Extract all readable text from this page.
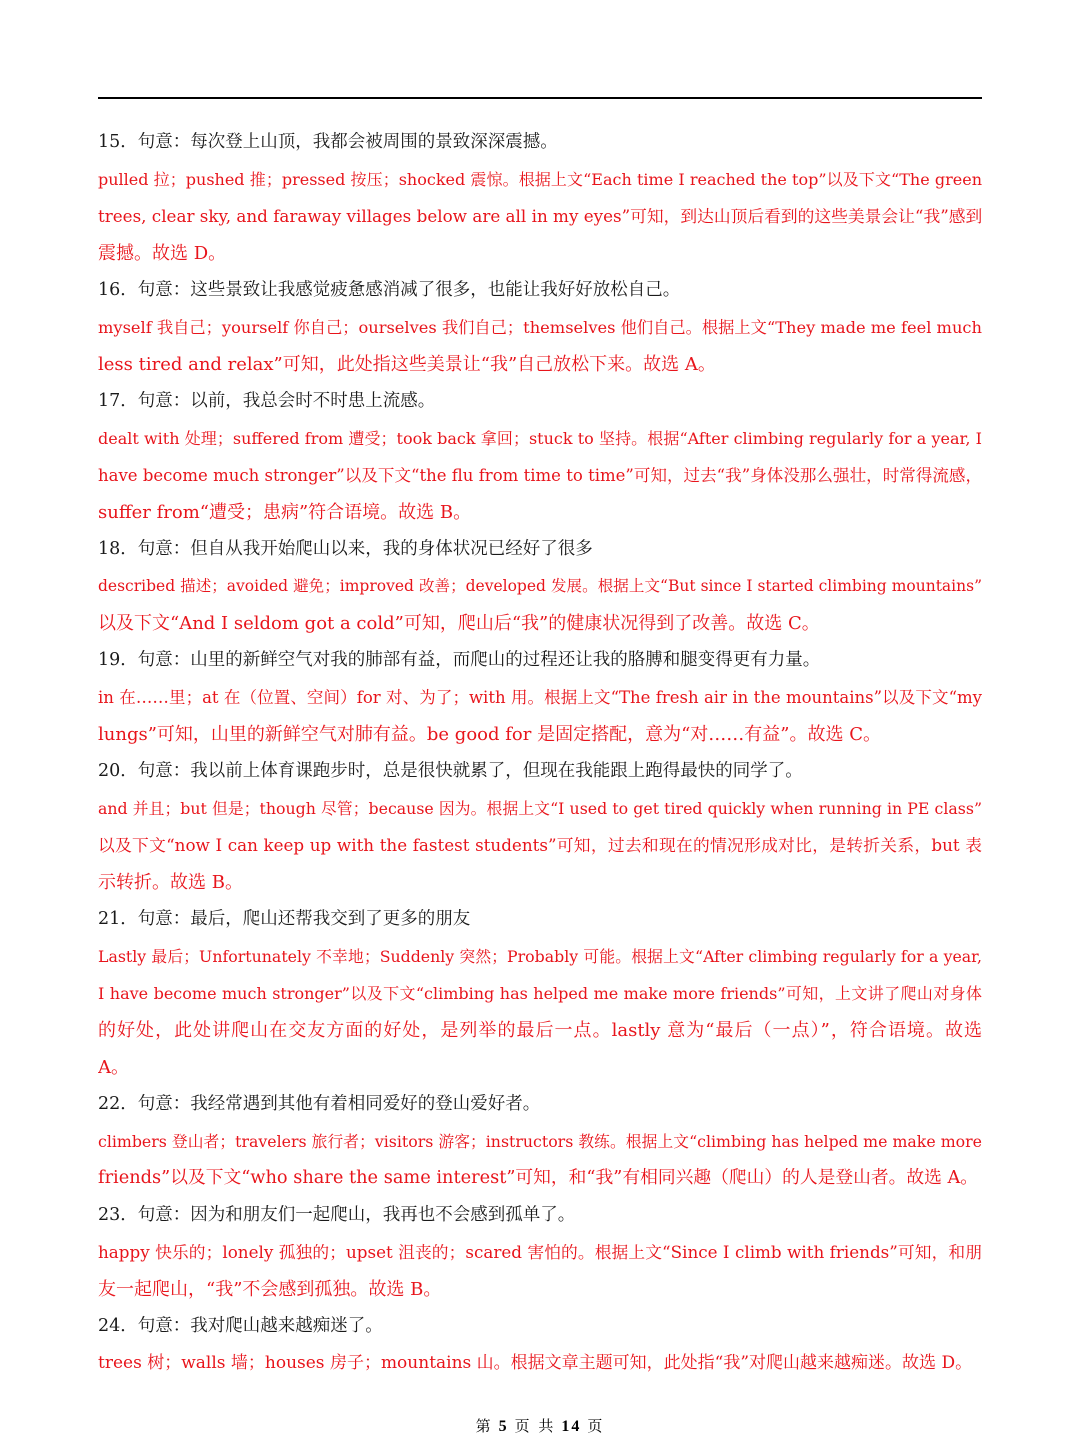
15．句意：每次登上山顶，我都会被周围的景致深深震撼。

pulled 拉；pushed 推；pressed 按压；shocked 震惊。根据上文“Each time I reached the top”以及下文“The green

trees, clear sky, and faraway villages below are all in my eyes”可知，到达山顶后看到的这些美景会让“我”感到

震撼。故选 D。

16．句意：这些景致让我感觉疲惫感消减了很多，也能让我好好放松自己。

myself 我自己；yourself 你自己；ourselves 我们自己；themselves 他们自己。根据上文“They made me feel much

less tired and relax”可知，此处指这些美景让“我”自己放松下来。故选 A。

17．句意：以前，我总会时不时患上流感。

dealt with 处理；suffered from 遭受；took back 拿回；stuck to 坚持。根据“After climbing regularly for a year, I

have become much stronger”以及下文“the flu from time to time”可知，过去“我”身体没那么强壮，时常得流感，

suffer from“遭受；患病”符合语境。故选 B。

18．句意：但自从我开始爬山以来，我的身体状况已经好了很多

described 描述；avoided 避免；improved 改善；developed 发展。根据上文“But since I started climbing mountains”

以及下文“And I seldom got a cold”可知，爬山后“我”的健康状况得到了改善。故选 C。

19．句意：山里的新鲜空气对我的肺部有益，而爬山的过程还让我的胳膊和腿变得更有力量。

in 在……里；at 在（位置、空间）for 对、为了；with 用。根据上文“The fresh air in the mountains”以及下文“my

lungs”可知，山里的新鲜空气对肺有益。be good for 是固定搭配，意为“对……有益”。故选 C。

20．句意：我以前上体育课跑步时，总是很快就累了，但现在我能跟上跑得最快的同学了。

and 并且；but 但是；though 尽管；because 因为。根据上文“I used to get tired quickly when running in PE class”

以及下文“now I can keep up with the fastest students”可知，过去和现在的情况形成对比，是转折关系，but 表

示转折。故选 B。

21．句意：最后，爬山还帮我交到了更多的朋友

Lastly 最后；Unfortunately 不幸地；Suddenly 突然；Probably 可能。根据上文“After climbing regularly for a year,

I have become much stronger”以及下文“climbing has helped me make more friends”可知，上文讲了爬山对身体

的好处，此处讲爬山在交友方面的好处，是列举的最后一点。lastly 意为“最后（一点）”，符合语境。故选

A。

22．句意：我经常遇到其他有着相同爱好的登山爱好者。

climbers 登山者；travelers 旅行者；visitors 游客；instructors 教练。根据上文“climbing has helped me make more

friends”以及下文“who share the same interest”可知，和“我”有相同兴趣（爬山）的人是登山者。故选 A。

23．句意：因为和朋友们一起爬山，我再也不会感到孤单了。

happy 快乐的；lonely 孤独的；upset 沮丧的；scared 害怕的。根据上文“Since I climb with friends”可知，和朋

友一起爬山，“我”不会感到孤独。故选 B。

24．句意：我对爬山越来越痴迷了。

trees 树；walls 墙；houses 房子；mountains 山。根据文章主题可知，此处指“我”对爬山越来越痴迷。故选 D。

第 5 页 共 14 页
